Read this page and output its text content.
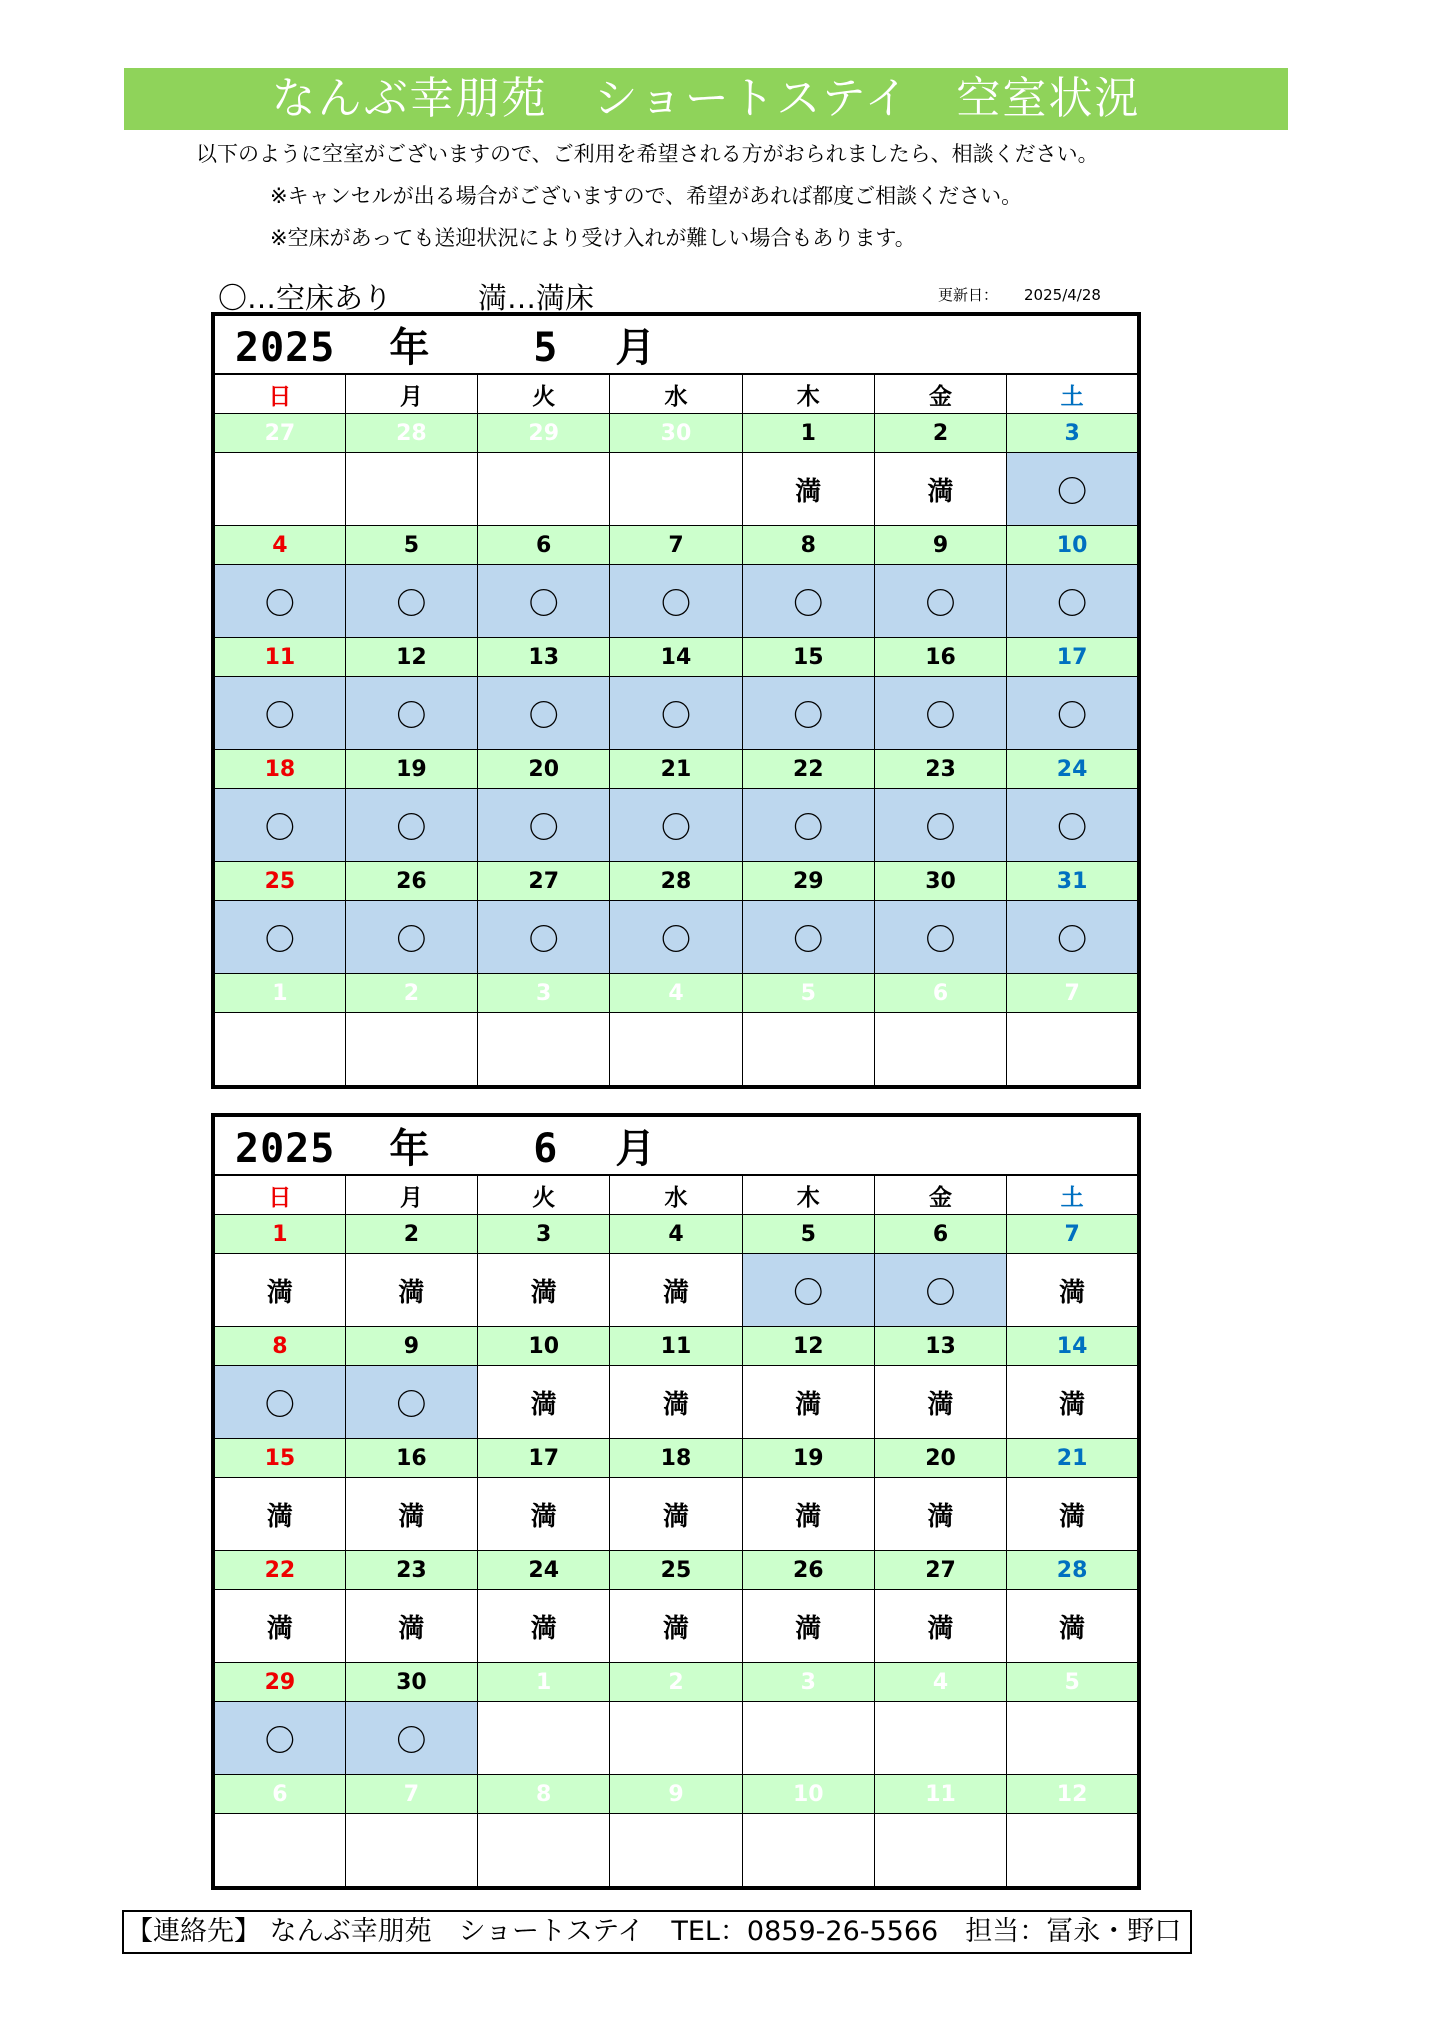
なんぶ幸朋苑　ショートステイ　空室状況
以下のように空室がございますので、ご利用を希望される方がおられましたら、相談ください。
※キャンセルが出る場合がございますので、希望があれば都度ご相談ください。
※空床があっても送迎状況により受け入れが難しい場合もあります。
〇…空床あり	満…満床	更新日： 2025/4/28
2025 年 5 月						
日	月	火	水	木	金	土
27	28	29	30	1	2	3
				満	満	〇
4	5	6	7	8	9	10
〇	〇	〇	〇	〇	〇	〇
11	12	13	14	15	16	17
〇	〇	〇	〇	〇	〇	〇
18	19	20	21	22	23	24
〇	〇	〇	〇	〇	〇	〇
25	26	27	28	29	30	31
〇	〇	〇	〇	〇	〇	〇
1	2	3	4	5	6	7

2025 年 6 月						
日	月	火	水	木	金	土
1	2	3	4	5	6	7
満	満	満	満	〇	〇	満
8	9	10	11	12	13	14
〇	〇	満	満	満	満	満
15	16	17	18	19	20	21
満	満	満	満	満	満	満
22	23	24	25	26	27	28
満	満	満	満	満	満	満
29	30	1	2	3	4	5
〇	〇					
6	7	8	9	10	11	12

【連絡先】 なんぶ幸朋苑　ショートステイ　TEL：0859-26-5566　担当：冨永・野口
